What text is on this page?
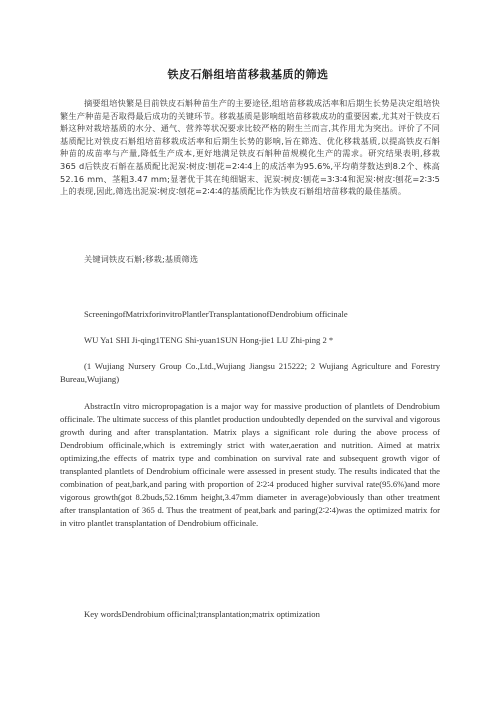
铁皮石斛组培苗移栽基质的筛选

摘要组培快繁是目前铁皮石斛种苗生产的主要途径,组培苗移栽成活率和后期生长势是决定组培快繁生产种苗是否取得最后成功的关键环节。移栽基质是影响组培苗移栽成功的重要因素,尤其对于铁皮石斛这种对栽培基质的水分、通气、营养等状况要求比较严格的附生兰而言,其作用尤为突出。评价了不同基质配比对铁皮石斛组培苗移栽成活率和后期生长势的影响,旨在筛选、优化移栽基质,以提高铁皮石斛种苗的成苗率与产量,降低生产成本,更好地满足铁皮石斛种苗规模化生产的需求。研究结果表明,移栽365 d后铁皮石斛在基质配比泥炭∶树皮∶刨花=2∶4∶4上的成活率为95.6%,平均萌芽数达到8.2个、株高52.16 mm、茎粗3.47 mm;显著优于其在纯细锯末、泥炭∶树皮∶刨花=3∶3∶4和泥炭∶树皮∶刨花=2∶3∶5上的表现,因此,筛选出泥炭∶树皮∶刨花=2∶4∶4的基质配比作为铁皮石斛组培苗移栽的最佳基质。

关键词铁皮石斛;移栽;基质筛选

ScreeningofMatrixforinvitroPlantlerTransplantationofDendrobium officinale

WU Ya1 SHI Ji-qing1TENG Shi-yuan1SUN Hong-jie1 LU Zhi-ping 2 *

(1 Wujiang Nursery Group Co.,Ltd.,Wujiang Jiangsu 215222; 2 Wujiang Agriculture and Forestry Bureau,Wujiang)

AbstractIn vitro micropropagation is a major way for massive production of plantlets of Dendrobium officinale. The ultimate success of this plantlet production undoubtedly depended on the survival and vigorous growth during and after transplantation. Matrix plays a significant role during the above process of Dendrobium officinale,which is extremingly strict with water,aeration and nutrition. Aimed at matrix optimizing,the effects of matrix type and combination on survival rate and subsequent growth vigor of transplanted plantlets of Dendrobium officinale were assessed in present study. The results indicated that the combination of peat,bark,and paring with proportion of 2∶2∶4 produced higher survival rate(95.6%)and more vigorous growth(got 8.2buds,52.16mm height,3.47mm diameter in average)obviously than other treatment after transplantation of 365 d. Thus the treatment of peat,bark and paring(2∶2∶4)was the optimized matrix for in vitro plantlet transplantation of Dendrobium officinale.

Key wordsDendrobium officinal;transplantation;matrix optimization
